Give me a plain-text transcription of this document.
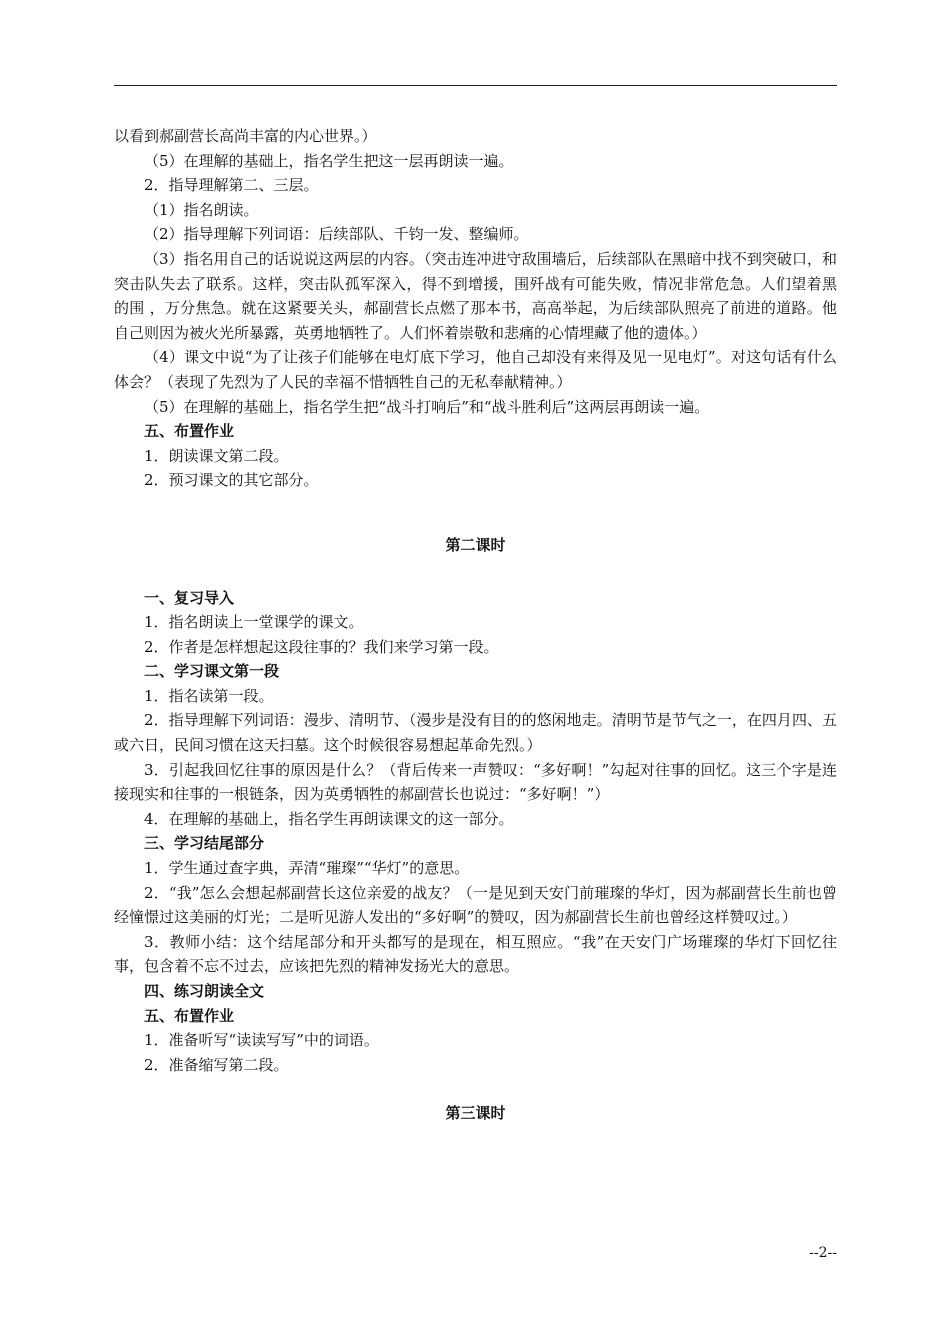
以看到郝副营长高尚丰富的内心世界。）

（5）在理解的基础上，指名学生把这一层再朗读一遍。

2．指导理解第二、三层。

（1）指名朗读。

（2）指导理解下列词语：后续部队、千钧一发、整编师。

（3）指名用自己的话说说这两层的内容。（突击连冲进守敌围墙后，后续部队在黑暗中找不到突破口，和突击队失去了联系。这样，突击队孤军深入，得不到增援，围歼战有可能失败，情况非常危急。人们望着黑 的围 ，万分焦急。就在这紧要关头，郝副营长点燃了那本书，高高举起，为后续部队照亮了前进的道路。他自己则因为被火光所暴露，英勇地牺牲了。人们怀着崇敬和悲痛的心情埋藏了他的遗体。）

（4）课文中说“为了让孩子们能够在电灯底下学习，他自己却没有来得及见一见电灯”。对这句话有什么体会？（表现了先烈为了人民的幸福不惜牺牲自己的无私奉献精神。）

（5）在理解的基础上，指名学生把“战斗打响后”和“战斗胜利后”这两层再朗读一遍。

五、布置作业

1．朗读课文第二段。

2．预习课文的其它部分。

第二课时

一、复习导入

1．指名朗读上一堂课学的课文。

2．作者是怎样想起这段往事的？我们来学习第一段。

二、学习课文第一段

1．指名读第一段。

2．指导理解下列词语：漫步、清明节、（漫步是没有目的的悠闲地走。清明节是节气之一，在四月四、五或六日，民间习惯在这天扫墓。这个时候很容易想起革命先烈。）

3．引起我回忆往事的原因是什么？（背后传来一声赞叹：“多好啊！”勾起对往事的回忆。这三个字是连接现实和往事的一根链条，因为英勇牺牲的郝副营长也说过：“多好啊！”）

4．在理解的基础上，指名学生再朗读课文的这一部分。

三、学习结尾部分

1．学生通过查字典，弄清“璀璨”“华灯”的意思。

2．“我”怎么会想起郝副营长这位亲爱的战友？（一是见到天安门前璀璨的华灯，因为郝副营长生前也曾经憧憬过这美丽的灯光；二是听见游人发出的“多好啊”的赞叹，因为郝副营长生前也曾经这样赞叹过。）

3．教师小结：这个结尾部分和开头都写的是现在，相互照应。“我”在天安门广场璀璨的华灯下回忆往事，包含着不忘不过去，应该把先烈的精神发扬光大的意思。

四、练习朗读全文

五、布置作业

1．准备听写“读读写写”中的词语。

2．准备缩写第二段。

第三课时

--2--
